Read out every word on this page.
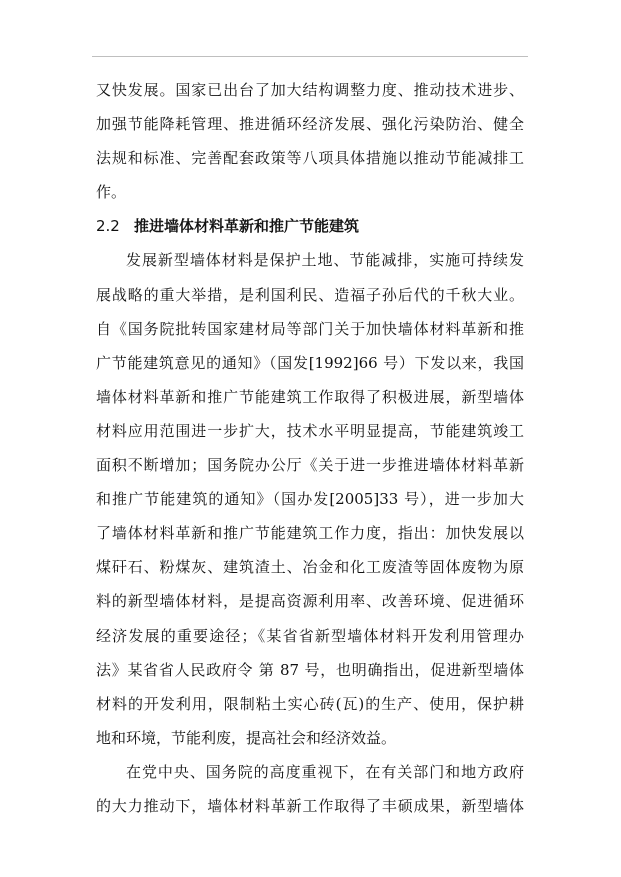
又快发展。国家已出台了加大结构调整力度、推动技术进步、
加强节能降耗管理、推进循环经济发展、强化污染防治、健全
法规和标准、完善配套政策等八项具体措施以推动节能减排工
作。
2.2 推进墙体材料革新和推广节能建筑
发展新型墙体材料是保护土地、节能减排，实施可持续发
展战略的重大举措，是利国利民、造福子孙后代的千秋大业。
自《国务院批转国家建材局等部门关于加快墙体材料革新和推
广节能建筑意见的通知》（国发[1992]66 号）下发以来，我国
墙体材料革新和推广节能建筑工作取得了积极进展，新型墙体
材料应用范围进一步扩大，技术水平明显提高，节能建筑竣工
面积不断增加；国务院办公厅《关于进一步推进墙体材料革新
和推广节能建筑的通知》（国办发[2005]33 号），进一步加大
了墙体材料革新和推广节能建筑工作力度，指出：加快发展以
煤矸石、粉煤灰、建筑渣土、冶金和化工废渣等固体废物为原
料的新型墙体材料，是提高资源利用率、改善环境、促进循环
经济发展的重要途径；《某省省新型墙体材料开发利用管理办
法》某省省人民政府令 第 87 号，也明确指出，促进新型墙体
材料的开发利用，限制粘土实心砖(瓦)的生产、使用，保护耕
地和环境，节能利废，提高社会和经济效益。
在党中央、国务院的高度重视下，在有关部门和地方政府
的大力推动下，墙体材料革新工作取得了丰硕成果，新型墙体
